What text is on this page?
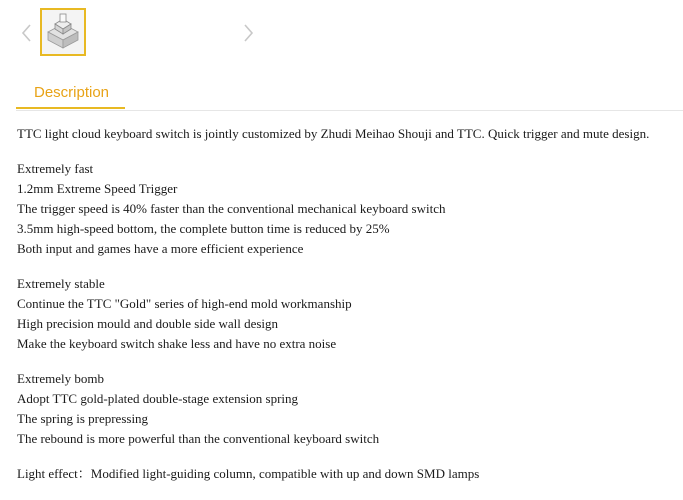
Description

TTC light cloud keyboard switch is jointly customized by Zhudi Meihao Shouji and TTC. Quick trigger and mute design.

Extremely fast

1.2mm Extreme Speed Trigger

The trigger speed is 40% faster than the conventional mechanical keyboard switch

3.5mm high-speed bottom, the complete button time is reduced by 25%

Both input and games have a more efficient experience

Extremely stable

Continue the TTC "Gold" series of high-end mold workmanship

High precision mould and double side wall design

Make the keyboard switch shake less and have no extra noise

Extremely bomb

Adopt TTC gold-plated double-stage extension spring

The spring is prepressing

The rebound is more powerful than the conventional keyboard switch

Light effect：Modified light-guiding column, compatible with up and down SMD lamps
